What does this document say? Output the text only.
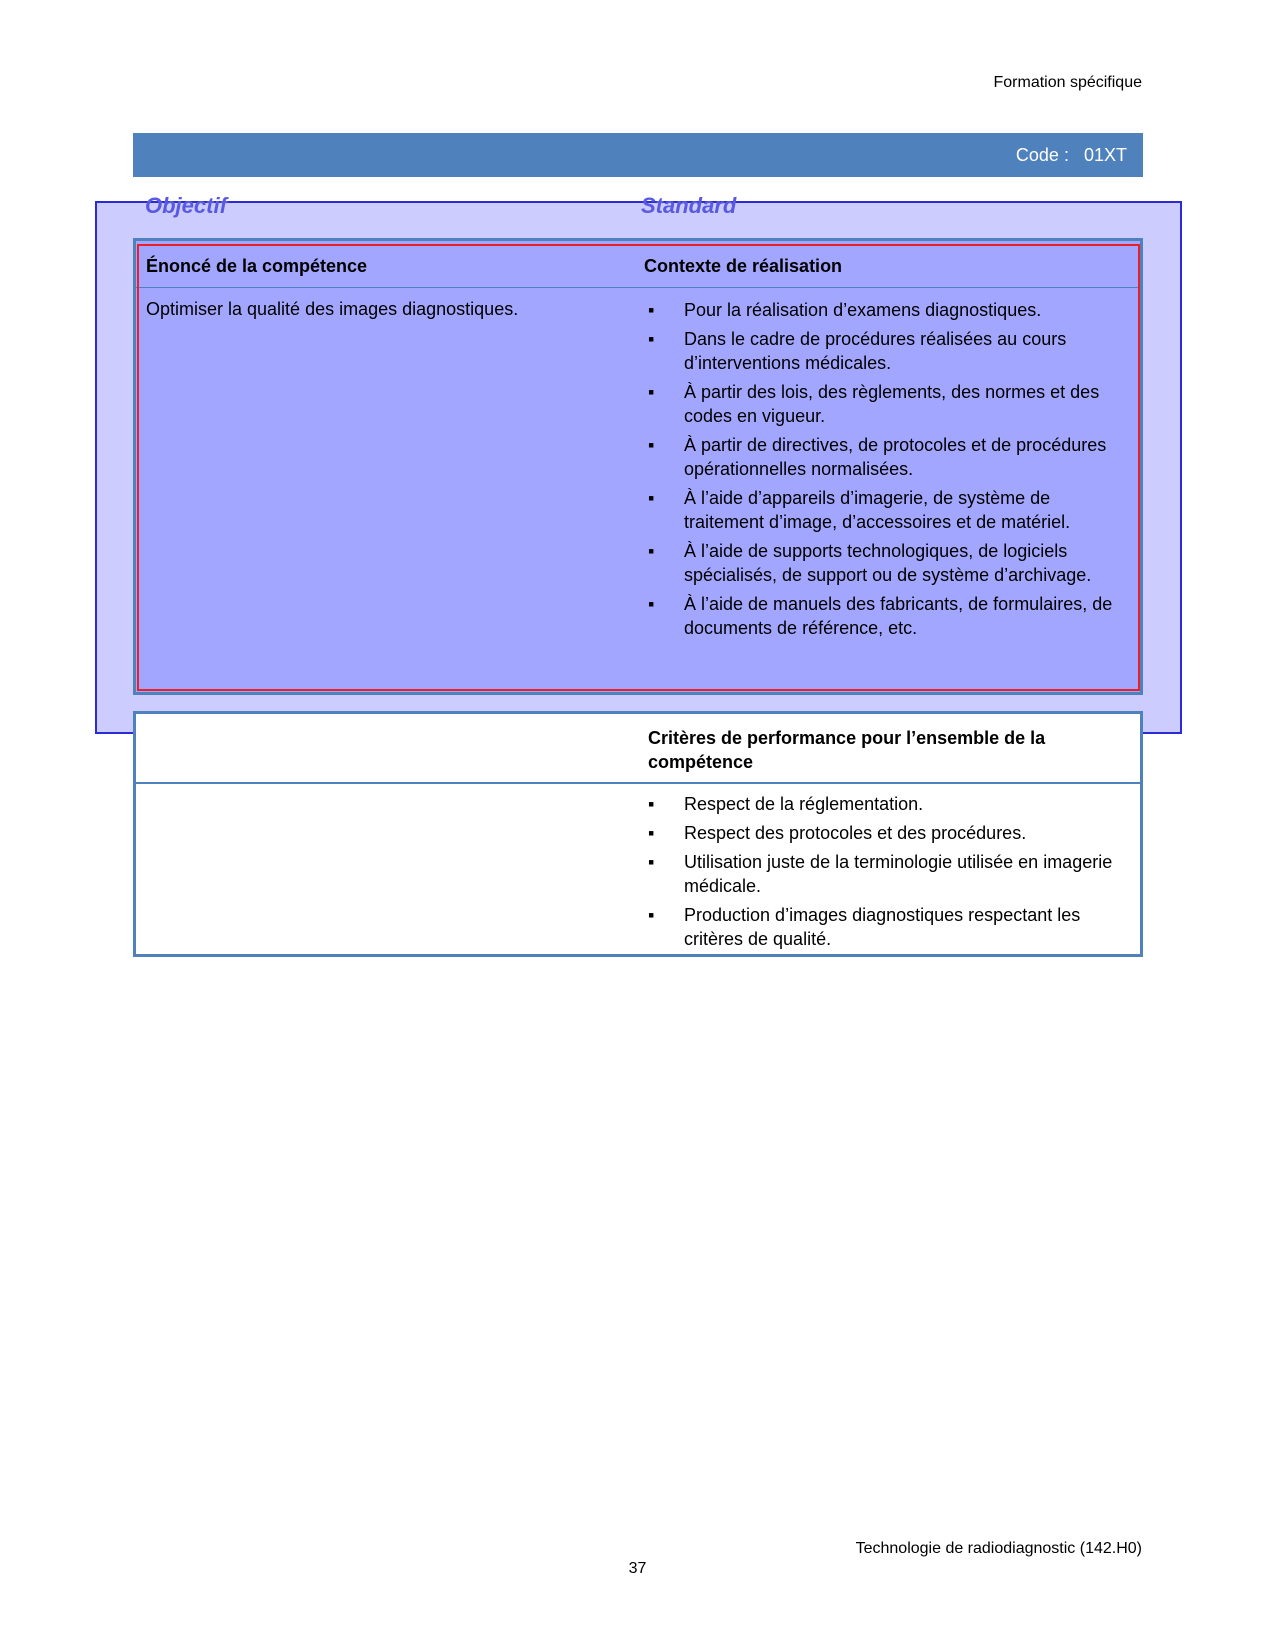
Formation spécifique
Code :
01XT
Objectif	Standard
Énoncé de la compétence	Contexte de réalisation
Optimiser la qualité des images diagnostiques.	▪ Pour la réalisation d’examens diagnostiques.
▪ Dans le cadre de procédures réalisées au cours d’interventions médicales.
▪ À partir des lois, des règlements, des normes et des codes en vigueur.
▪ À partir de directives, de protocoles et de procédures opérationnelles normalisées.
▪ À l’aide d’appareils d’imagerie, de système de traitement d’image, d’accessoires et de matériel.
▪ À l’aide de supports technologiques, de logiciels spécialisés, de support ou de système d’archivage.
▪ À l’aide de manuels des fabricants, de formulaires, de documents de référence, etc.
Critères de performance pour l’ensemble de la compétence
▪ Respect de la réglementation.
▪ Respect des protocoles et des procédures.
▪ Utilisation juste de la terminologie utilisée en imagerie médicale.
▪ Production d’images diagnostiques respectant les critères de qualité.
Technologie de radiodiagnostic (142.H0)
37
